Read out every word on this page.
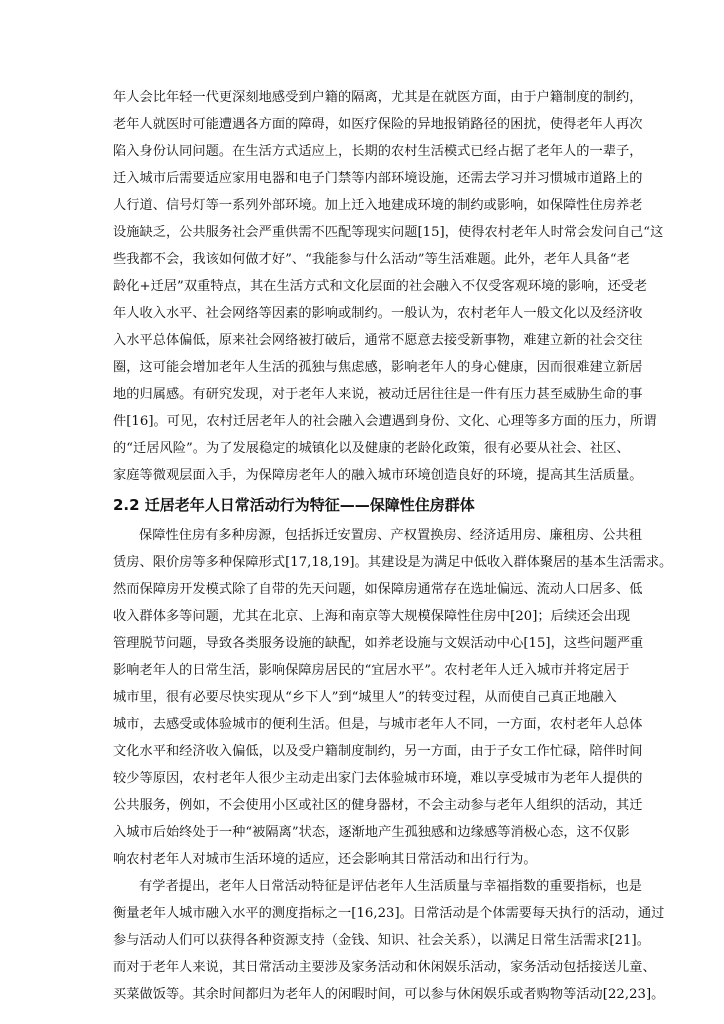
年人会比年轻一代更深刻地感受到户籍的隔离，尤其是在就医方面，由于户籍制度的制约，
老年人就医时可能遭遇各方面的障碍，如医疗保险的异地报销路径的困扰，使得老年人再次
陷入身份认同问题。在生活方式适应上，长期的农村生活模式已经占据了老年人的一辈子，
迁入城市后需要适应家用电器和电子门禁等内部环境设施，还需去学习并习惯城市道路上的
人行道、信号灯等一系列外部环境。加上迁入地建成环境的制约或影响，如保障性住房养老
设施缺乏，公共服务社会严重供需不匹配等现实问题[15]，使得农村老年人时常会发问自己“这
些我都不会，我该如何做才好”、“我能参与什么活动”等生活难题。此外，老年人具备“老
龄化+迁居”双重特点，其在生活方式和文化层面的社会融入不仅受客观环境的影响，还受老
年人收入水平、社会网络等因素的影响或制约。一般认为，农村老年人一般文化以及经济收
入水平总体偏低，原来社会网络被打破后，通常不愿意去接受新事物，难建立新的社会交往
圈，这可能会增加老年人生活的孤独与焦虑感，影响老年人的身心健康，因而很难建立新居
地的归属感。有研究发现，对于老年人来说，被动迁居往往是一件有压力甚至威胁生命的事
件[16]。可见，农村迁居老年人的社会融入会遭遇到身份、文化、心理等多方面的压力，所谓
的“迁居风险”。为了发展稳定的城镇化以及健康的老龄化政策，很有必要从社会、社区、
家庭等微观层面入手，为保障房老年人的融入城市环境创造良好的环境，提高其生活质量。
2.2 迁居老年人日常活动行为特征——保障性住房群体
保障性住房有多种房源，包括拆迁安置房、产权置换房、经济适用房、廉租房、公共租
赁房、限价房等多种保障形式[17,18,19]。其建设是为满足中低收入群体聚居的基本生活需求。
然而保障房开发模式除了自带的先天问题，如保障房通常存在选址偏远、流动人口居多、低
收入群体多等问题，尤其在北京、上海和南京等大规模保障性住房中[20]；后续还会出现
管理脱节问题，导致各类服务设施的缺配，如养老设施与文娱活动中心[15]，这些问题严重
影响老年人的日常生活，影响保障房居民的“宜居水平”。农村老年人迁入城市并将定居于
城市里，很有必要尽快实现从“乡下人”到“城里人”的转变过程，从而使自己真正地融入
城市，去感受或体验城市的便利生活。但是，与城市老年人不同，一方面，农村老年人总体
文化水平和经济收入偏低，以及受户籍制度制约，另一方面，由于子女工作忙碌，陪伴时间
较少等原因，农村老年人很少主动走出家门去体验城市环境，难以享受城市为老年人提供的
公共服务，例如，不会使用小区或社区的健身器材，不会主动参与老年人组织的活动，其迁
入城市后始终处于一种“被隔离”状态，逐渐地产生孤独感和边缘感等消极心态，这不仅影
响农村老年人对城市生活环境的适应，还会影响其日常活动和出行行为。
有学者提出，老年人日常活动特征是评估老年人生活质量与幸福指数的重要指标，也是
衡量老年人城市融入水平的测度指标之一[16,23]。日常活动是个体需要每天执行的活动，通过
参与活动人们可以获得各种资源支持（金钱、知识、社会关系），以满足日常生活需求[21]。
而对于老年人来说，其日常活动主要涉及家务活动和休闲娱乐活动，家务活动包括接送儿童、
买菜做饭等。其余时间都归为老年人的闲暇时间，可以参与休闲娱乐或者购物等活动[22,23]。
